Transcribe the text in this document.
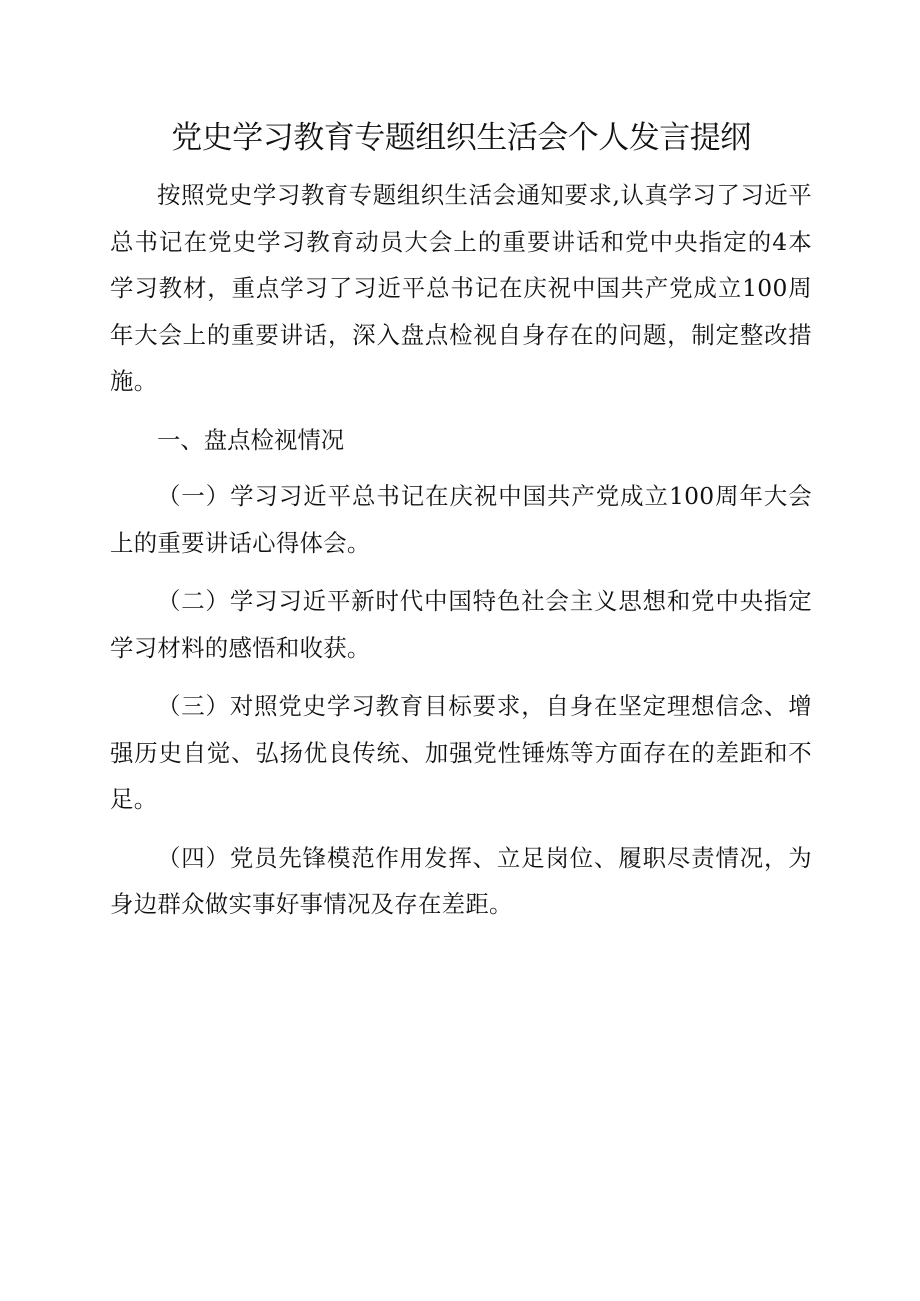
党史学习教育专题组织生活会个人发言提纲

按照党史学习教育专题组织生活会通知要求,认真学习了习近平总书记在党史学习教育动员大会上的重要讲话和党中央指定的4本学习教材，重点学习了习近平总书记在庆祝中国共产党成立100周年大会上的重要讲话，深入盘点检视自身存在的问题，制定整改措施。

一、盘点检视情况

（一）学习习近平总书记在庆祝中国共产党成立100周年大会上的重要讲话心得体会。

（二）学习习近平新时代中国特色社会主义思想和党中央指定学习材料的感悟和收获。

（三）对照党史学习教育目标要求，自身在坚定理想信念、增强历史自觉、弘扬优良传统、加强党性锤炼等方面存在的差距和不足。

（四）党员先锋模范作用发挥、立足岗位、履职尽责情况，为身边群众做实事好事情况及存在差距。
